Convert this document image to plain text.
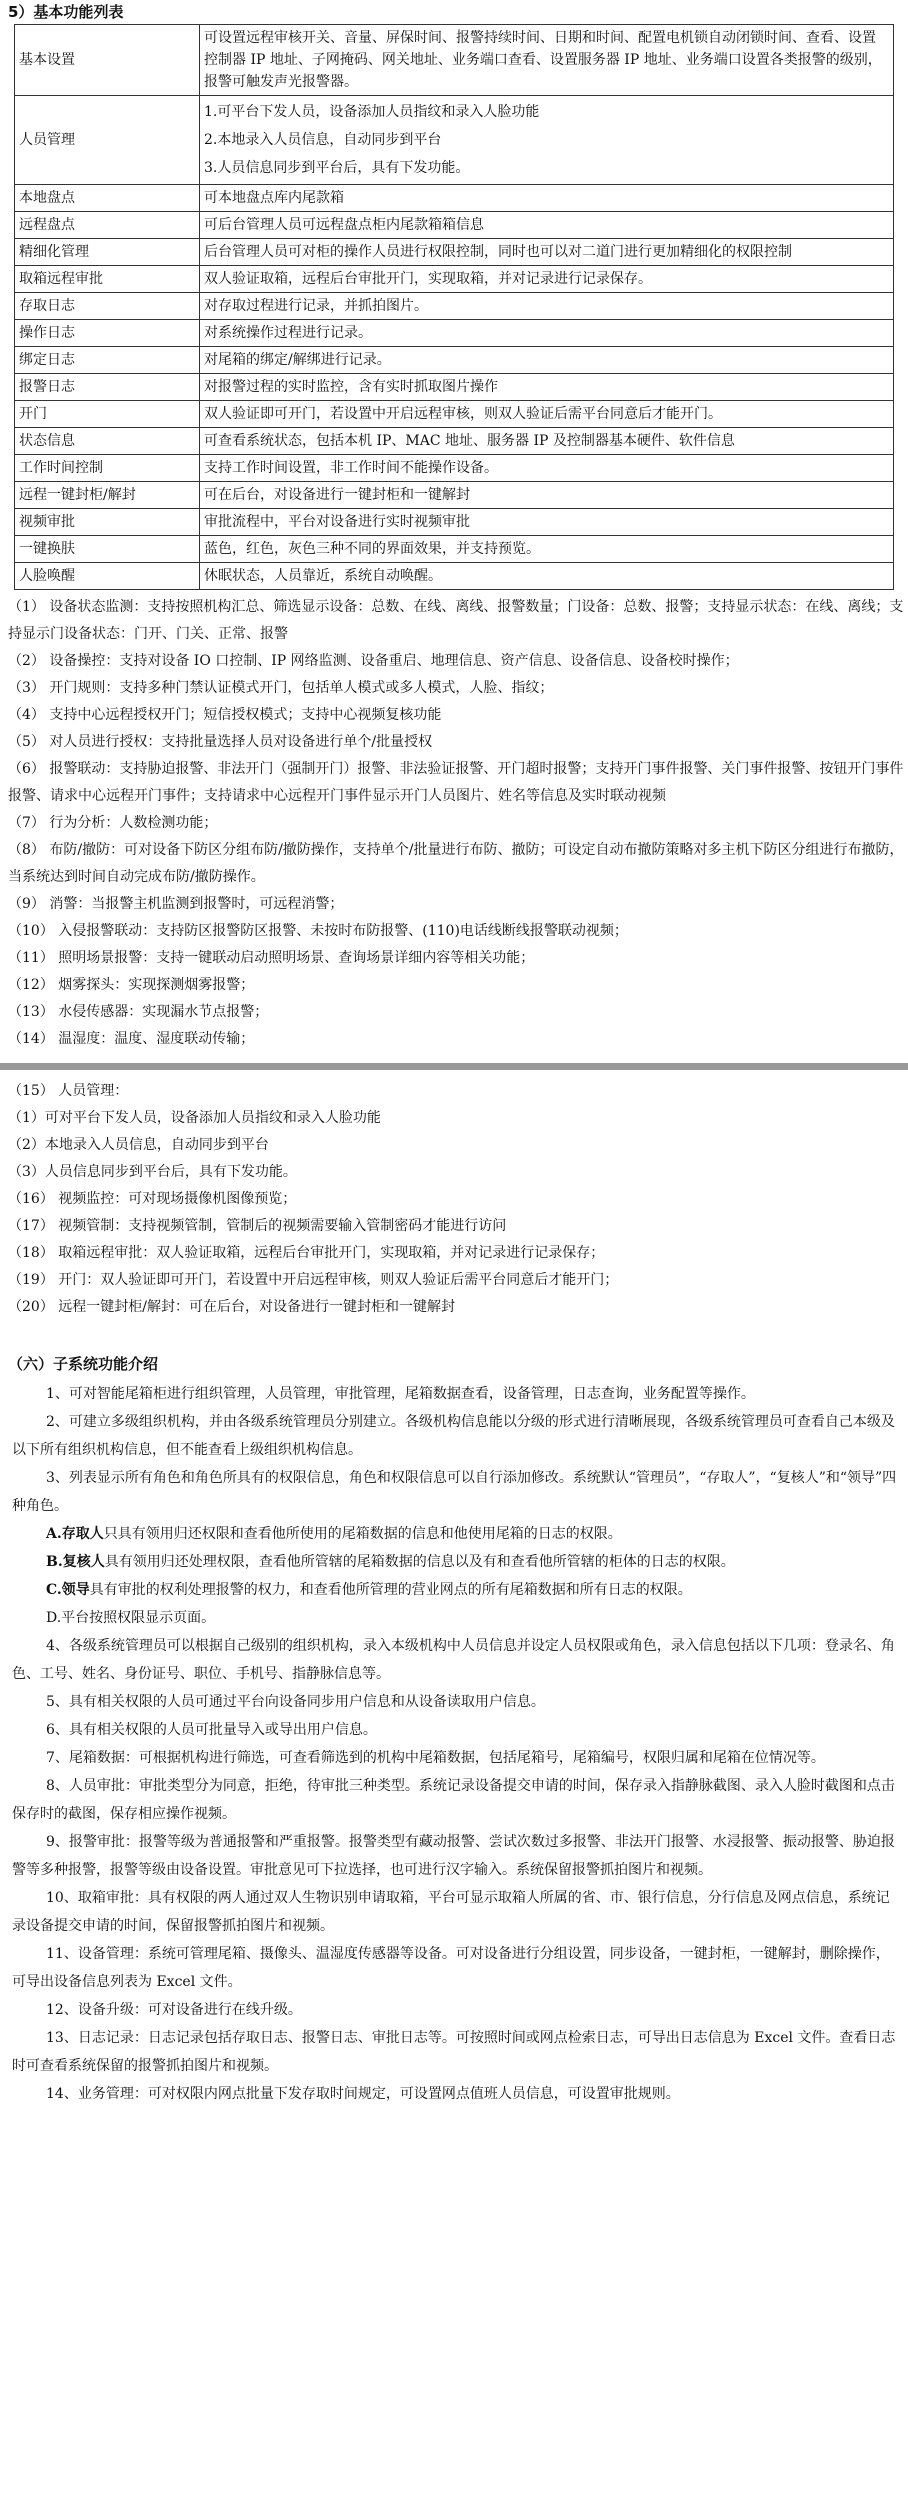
5）基本功能列表
基本设置	可设置远程审核开关、音量、屏保时间、报警持续时间、日期和时间、配置电机锁自动闭锁时间、查看、设置控制器 IP 地址、子网掩码、网关地址、业务端口查看、设置服务器 IP 地址、业务端口设置各类报警的级别，报警可触发声光报警器。
人员管理	1.可平台下发人员，设备添加人员指纹和录入人脸功能
2.本地录入人员信息，自动同步到平台
3.人员信息同步到平台后，具有下发功能。
本地盘点	可本地盘点库内尾款箱
远程盘点	可后台管理人员可远程盘点柜内尾款箱箱信息
精细化管理	后台管理人员可对柜的操作人员进行权限控制，同时也可以对二道门进行更加精细化的权限控制
取箱远程审批	双人验证取箱，远程后台审批开门，实现取箱，并对记录进行记录保存。
存取日志	对存取过程进行记录，并抓拍图片。
操作日志	对系统操作过程进行记录。
绑定日志	对尾箱的绑定/解绑进行记录。
报警日志	对报警过程的实时监控，含有实时抓取图片操作
开门	双人验证即可开门，若设置中开启远程审核，则双人验证后需平台同意后才能开门。
状态信息	可查看系统状态，包括本机 IP、MAC 地址、服务器 IP 及控制器基本硬件、软件信息
工作时间控制	支持工作时间设置，非工作时间不能操作设备。
远程一键封柜/解封	可在后台，对设备进行一键封柜和一键解封
视频审批	审批流程中，平台对设备进行实时视频审批
一键换肤	蓝色，红色，灰色三种不同的界面效果，并支持预览。
人脸唤醒	休眠状态，人员靠近，系统自动唤醒。
（1） 设备状态监测：支持按照机构汇总、筛选显示设备：总数、在线、离线、报警数量；门设备：总数、报警；支持显示状态：在线、离线；支持显示门设备状态：门开、门关、正常、报警
（2） 设备操控：支持对设备 IO 口控制、IP 网络监测、设备重启、地理信息、资产信息、设备信息、设备校时操作；
（3） 开门规则：支持多种门禁认证模式开门，包括单人模式或多人模式，人脸、指纹；
（4） 支持中心远程授权开门；短信授权模式；支持中心视频复核功能
（5） 对人员进行授权：支持批量选择人员对设备进行单个/批量授权
（6） 报警联动：支持胁迫报警、非法开门（强制开门）报警、非法验证报警、开门超时报警；支持开门事件报警、关门事件报警、按钮开门事件报警、请求中心远程开门事件；支持请求中心远程开门事件显示开门人员图片、姓名等信息及实时联动视频
（7） 行为分析：人数检测功能；
（8） 布防/撤防：可对设备下防区分组布防/撤防操作，支持单个/批量进行布防、撤防；可设定自动布撤防策略对多主机下防区分组进行布撤防，当系统达到时间自动完成布防/撤防操作。
（9） 消警：当报警主机监测到报警时，可远程消警；
（10） 入侵报警联动：支持防区报警防区报警、未按时布防报警、(110)电话线断线报警联动视频；
（11） 照明场景报警：支持一键联动启动照明场景、查询场景详细内容等相关功能；
（12） 烟雾探头：实现探测烟雾报警；
（13） 水侵传感器：实现漏水节点报警；
（14） 温湿度：温度、湿度联动传输；
（15） 人员管理：
（1）可对平台下发人员，设备添加人员指纹和录入人脸功能
（2）本地录入人员信息，自动同步到平台
（3）人员信息同步到平台后，具有下发功能。
（16） 视频监控：可对现场摄像机图像预览；
（17） 视频管制：支持视频管制，管制后的视频需要输入管制密码才能进行访问
（18） 取箱远程审批：双人验证取箱，远程后台审批开门，实现取箱，并对记录进行记录保存；
（19） 开门：双人验证即可开门，若设置中开启远程审核，则双人验证后需平台同意后才能开门；
（20） 远程一键封柜/解封：可在后台，对设备进行一键封柜和一键解封
（六）子系统功能介绍

1、可对智能尾箱柜进行组织管理，人员管理，审批管理，尾箱数据查看，设备管理，日志查询，业务配置等操作。

2、可建立多级组织机构，并由各级系统管理员分别建立。各级机构信息能以分级的形式进行清晰展现，各级系统管理员可查看自己本级及以下所有组织机构信息，但不能查看上级组织机构信息。

3、列表显示所有角色和角色所具有的权限信息，角色和权限信息可以自行添加修改。系统默认“管理员”，“存取人”，“复核人”和“领导”四种角色。

A.存取人只具有领用归还权限和查看他所使用的尾箱数据的信息和他使用尾箱的日志的权限。

B.复核人具有领用归还处理权限，查看他所管辖的尾箱数据的信息以及有和查看他所管辖的柜体的日志的权限。

C.领导具有审批的权利处理报警的权力，和查看他所管理的营业网点的所有尾箱数据和所有日志的权限。

D.平台按照权限显示页面。

4、各级系统管理员可以根据自己级别的组织机构，录入本级机构中人员信息并设定人员权限或角色，录入信息包括以下几项：登录名、角色、工号、姓名、身份证号、职位、手机号、指静脉信息等。

5、具有相关权限的人员可通过平台向设备同步用户信息和从设备读取用户信息。

6、具有相关权限的人员可批量导入或导出用户信息。

7、尾箱数据：可根据机构进行筛选，可查看筛选到的机构中尾箱数据，包括尾箱号，尾箱编号，权限归属和尾箱在位情况等。

8、人员审批：审批类型分为同意，拒绝，待审批三种类型。系统记录设备提交申请的时间，保存录入指静脉截图、录入人脸时截图和点击保存时的截图，保存相应操作视频。

9、报警审批：报警等级为普通报警和严重报警。报警类型有藏动报警、尝试次数过多报警、非法开门报警、水浸报警、振动报警、胁迫报警等多种报警，报警等级由设备设置。审批意见可下拉选择，也可进行汉字输入。系统保留报警抓拍图片和视频。

10、取箱审批：具有权限的两人通过双人生物识别申请取箱，平台可显示取箱人所属的省、市、银行信息，分行信息及网点信息，系统记录设备提交申请的时间，保留报警抓拍图片和视频。

11、设备管理：系统可管理尾箱、摄像头、温湿度传感器等设备。可对设备进行分组设置，同步设备，一键封柜，一键解封，删除操作，可导出设备信息列表为 Excel 文件。

12、设备升级：可对设备进行在线升级。

13、日志记录：日志记录包括存取日志、报警日志、审批日志等。可按照时间或网点检索日志，可导出日志信息为 Excel 文件。查看日志时可查看系统保留的报警抓拍图片和视频。

14、业务管理：可对权限内网点批量下发存取时间规定，可设置网点值班人员信息，可设置审批规则。
